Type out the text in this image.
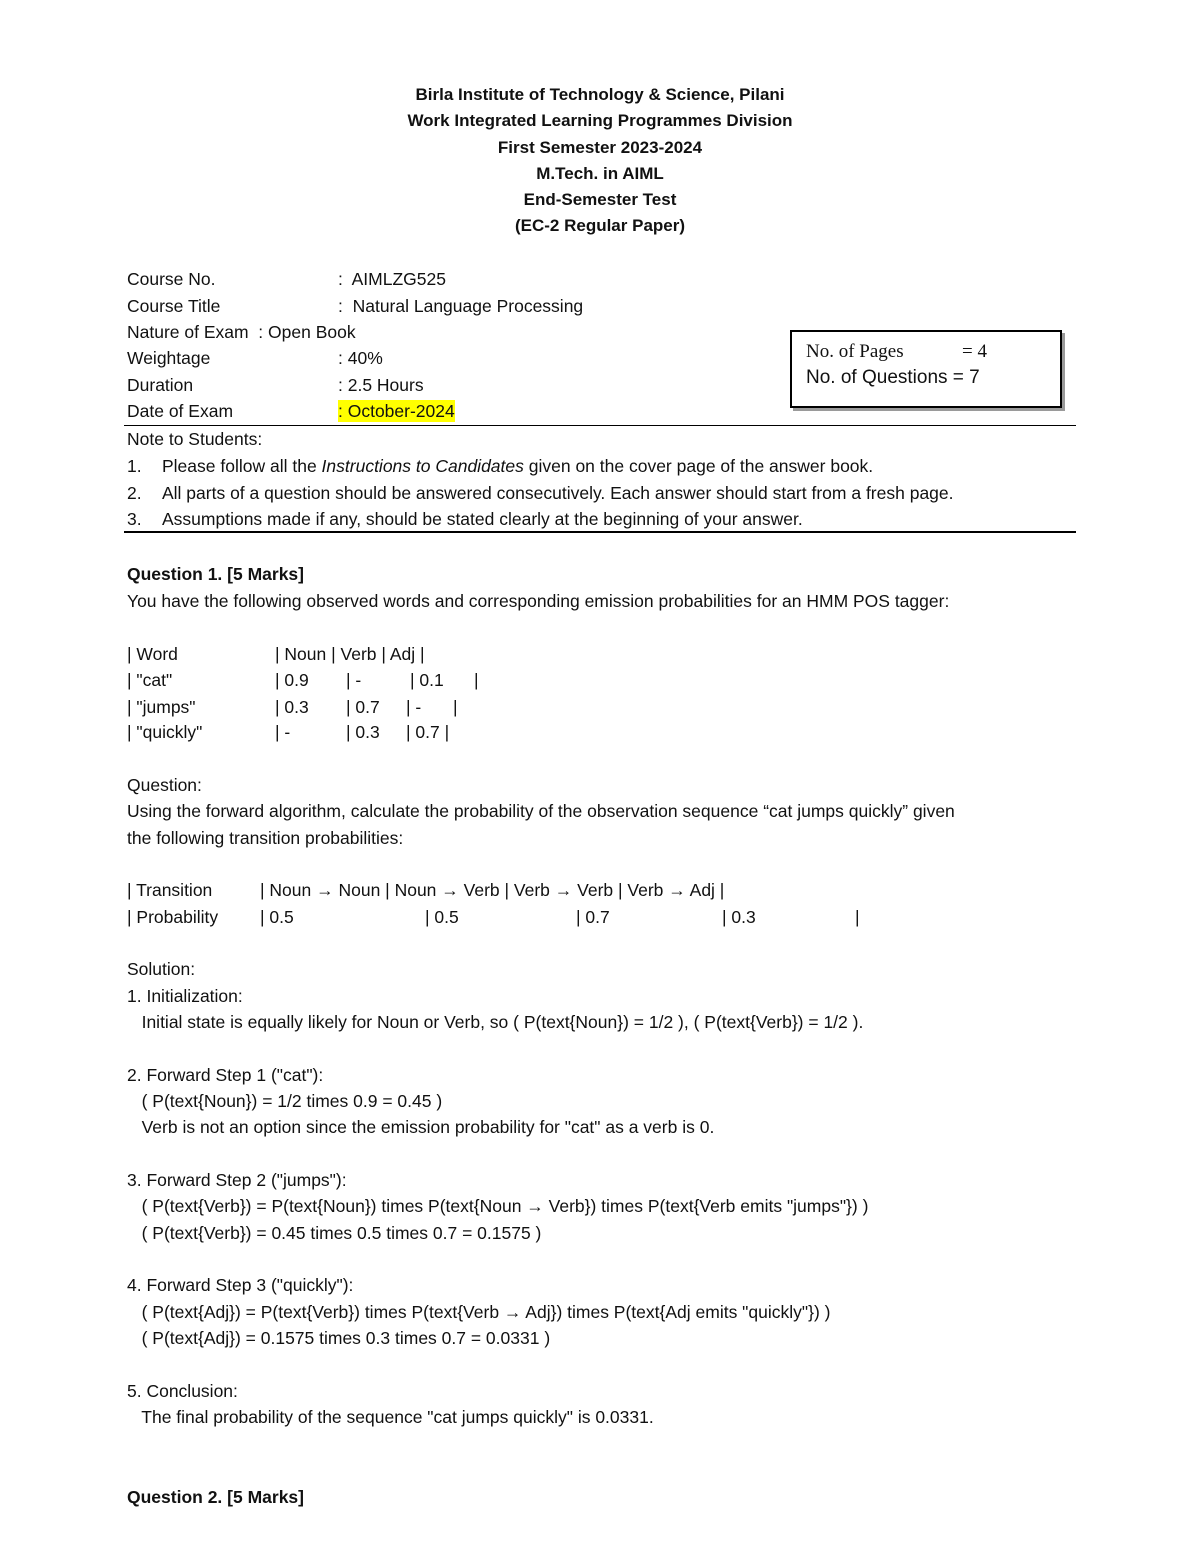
Birla Institute of Technology & Science, Pilani
Work Integrated Learning Programmes Division
First Semester 2023-2024
M.Tech. in AIML
End-Semester Test
(EC-2 Regular Paper)
Course No.	:  AIMLZG525
Course Title	:  Natural Language Processing
Nature of Exam  : Open Book
Weightage	: 40%
Duration	: 2.5 Hours
Date of Exam	: October-2024
No. of Pages	= 4
No. of Questions = 7
Note to Students:
1. Please follow all the Instructions to Candidates given on the cover page of the answer book.
2. All parts of a question should be answered consecutively. Each answer should start from a fresh page.
3. Assumptions made if any, should be stated clearly at the beginning of your answer.
Question 1. [5 Marks]
You have the following observed words and corresponding emission probabilities for an HMM POS tagger:
| Word	| Noun | Verb | Adj |
| "cat"	| 0.9 | -	| 0.1 |
| "jumps"	| 0.3 | 0.7 | - |
| "quickly"	| -	| 0.3 | 0.7 |
Question:
Using the forward algorithm, calculate the probability of the observation sequence “cat jumps quickly” given
the following transition probabilities:
| Transition	| Noun → Noun | Noun → Verb | Verb → Verb | Verb → Adj |
| Probability | 0.5	| 0.5	| 0.7	| 0.3	|
Solution:
1. Initialization:
Initial state is equally likely for Noun or Verb, so ( P(text{Noun}) = 1/2 ), ( P(text{Verb}) = 1/2 ).
2. Forward Step 1 ("cat"):
( P(text{Noun}) = 1/2 times 0.9 = 0.45 )
Verb is not an option since the emission probability for "cat" as a verb is 0.
3. Forward Step 2 ("jumps"):
( P(text{Verb}) = P(text{Noun}) times P(text{Noun → Verb}) times P(text{Verb emits "jumps"}) )
( P(text{Verb}) = 0.45 times 0.5 times 0.7 = 0.1575 )
4. Forward Step 3 ("quickly"):
( P(text{Adj}) = P(text{Verb}) times P(text{Verb → Adj}) times P(text{Adj emits "quickly"}) )
( P(text{Adj}) = 0.1575 times 0.3 times 0.7 = 0.0331 )
5. Conclusion:
The final probability of the sequence "cat jumps quickly" is 0.0331.
Question 2. [5 Marks]
